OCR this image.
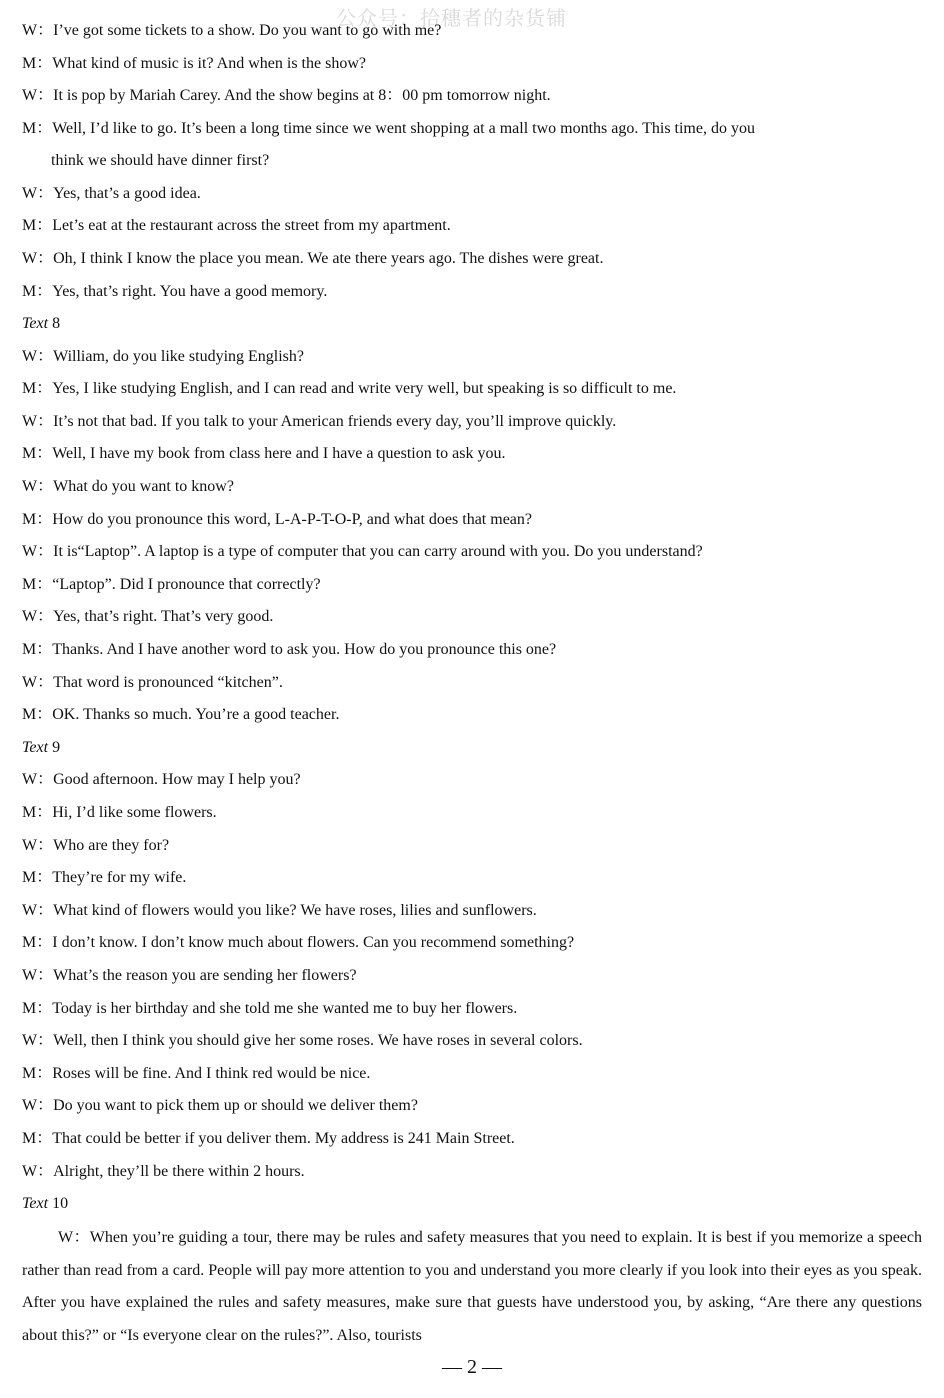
公众号：拾穗者的杂货铺
W：I’ve got some tickets to a show. Do you want to go with me?
M：What kind of music is it? And when is the show?
W：It is pop by Mariah Carey. And the show begins at 8：00 pm tomorrow night.
M：Well, I’d like to go. It’s been a long time since we went shopping at a mall two months ago. This time, do you
think we should have dinner first?
W：Yes, that’s a good idea.
M：Let’s eat at the restaurant across the street from my apartment.
W：Oh, I think I know the place you mean. We ate there years ago. The dishes were great.
M：Yes, that’s right. You have a good memory.
Text 8
W：William, do you like studying English?
M：Yes, I like studying English, and I can read and write very well, but speaking is so difficult to me.
W：It’s not that bad. If you talk to your American friends every day, you’ll improve quickly.
M：Well, I have my book from class here and I have a question to ask you.
W：What do you want to know?
M：How do you pronounce this word, L-A-P-T-O-P, and what does that mean?
W：It is“Laptop”. A laptop is a type of computer that you can carry around with you. Do you understand?
M：“Laptop”. Did I pronounce that correctly?
W：Yes, that’s right. That’s very good.
M：Thanks. And I have another word to ask you. How do you pronounce this one?
W：That word is pronounced “kitchen”.
M：OK. Thanks so much. You’re a good teacher.
Text 9
W：Good afternoon. How may I help you?
M：Hi, I’d like some flowers.
W：Who are they for?
M：They’re for my wife.
W：What kind of flowers would you like? We have roses, lilies and sunflowers.
M：I don’t know. I don’t know much about flowers. Can you recommend something?
W：What’s the reason you are sending her flowers?
M：Today is her birthday and she told me she wanted me to buy her flowers.
W：Well, then I think you should give her some roses. We have roses in several colors.
M：Roses will be fine. And I think red would be nice.
W：Do you want to pick them up or should we deliver them?
M：That could be better if you deliver them. My address is 241 Main Street.
W：Alright, they’ll be there within 2 hours.
Text 10
W：When you’re guiding a tour, there may be rules and safety measures that you need to explain. It is best if you memorize a speech rather than read from a card. People will pay more attention to you and understand you more clearly if you look into their eyes as you speak. After you have explained the rules and safety measures, make sure that guests have understood you, by asking, “Are there any questions about this?” or “Is everyone clear on the rules?”. Also, tourists
— 2 —
